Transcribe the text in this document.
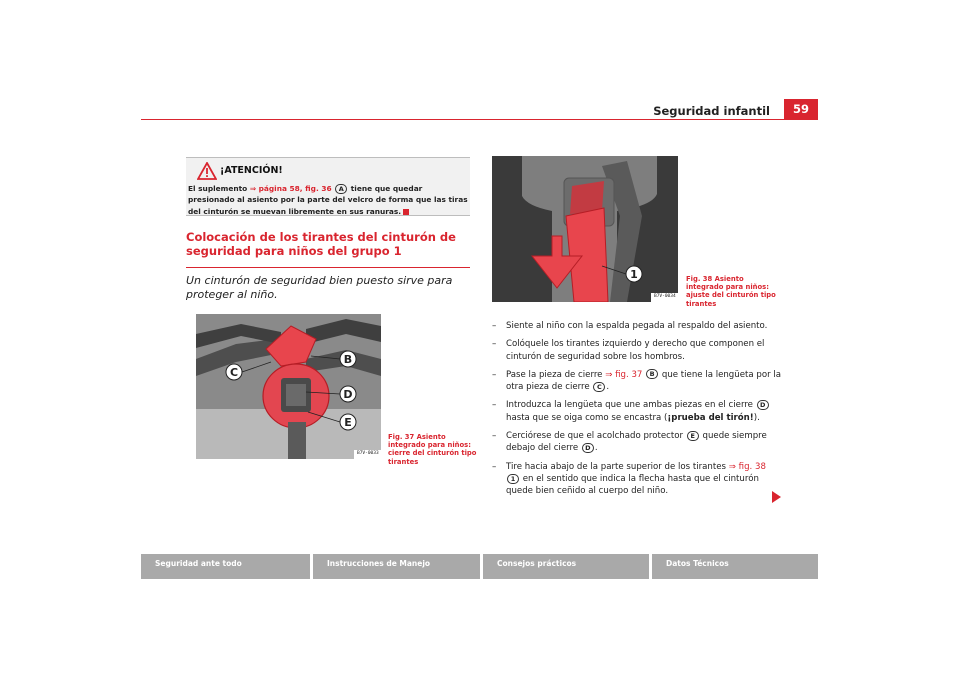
Seguridad infantil	59
¡ATENCIÓN!
El suplemento ⇒ página 58, fig. 36 A tiene que quedar presionado al asiento por la parte del velcro de forma que las tiras del cinturón se muevan libremente en sus ranuras.
Colocación de los tirantes del cinturón de seguridad para niños del grupo 1
Un cinturón de seguridad bien puesto sirve para proteger al niño.
C
B
D
E
B7V-0033
Fig. 37 Asiento integrado para niños: cierre del cinturón tipo tirantes
1
B7V-0034
Fig. 38 Asiento integrado para niños: ajuste del cinturón tipo tirantes
– Siente al niño con la espalda pegada al respaldo del asiento.
– Colóquele los tirantes izquierdo y derecho que componen el cinturón de seguridad sobre los hombros.
– Pase la pieza de cierre ⇒ fig. 37 B que tiene la lengüeta por la otra pieza de cierre C .
– Introduzca la lengüeta que une ambas piezas en el cierre D hasta que se oiga como se encastra (¡prueba del tirón!).
– Cerciórese de que el acolchado protector E quede siempre debajo del cierre D .
– Tire hacia abajo de la parte superior de los tirantes ⇒ fig. 38 1 en el sentido que indica la flecha hasta que el cinturón quede bien ceñido al cuerpo del niño.
Seguridad ante todo	Instrucciones de Manejo	Consejos prácticos	Datos Técnicos
